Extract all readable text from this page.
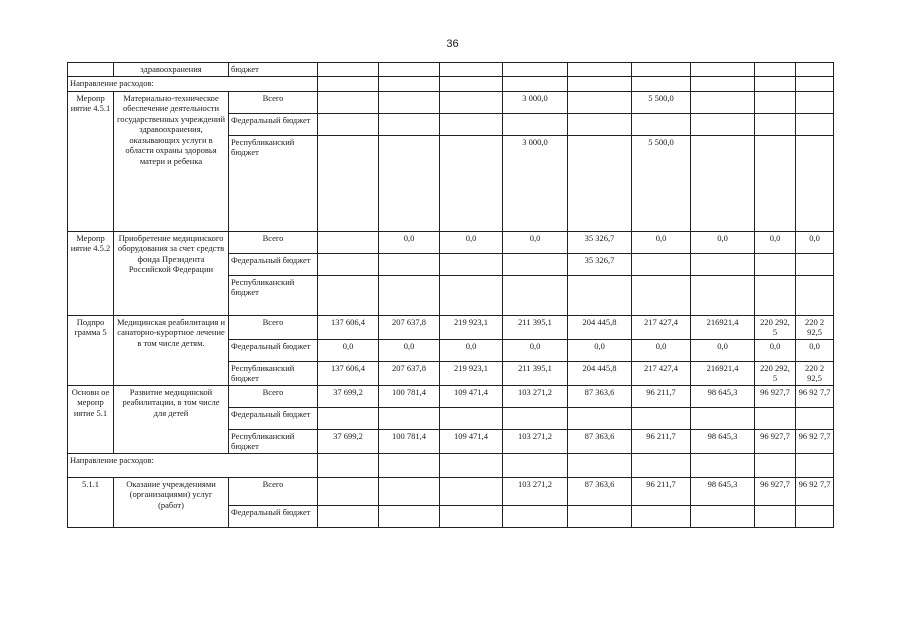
36
	здравоохранения	бюджет									
Направление расходов:											
Меропр иятие 4.5.1	Материально-техническое обеспечение деятельности государственных учреждений здравоохранения, оказывающих услуги в области охраны здоровья матери и ребенка	Всего				3 000,0		5 500,0			
		Федеральный бюджет									
		Республиканский бюджет				3 000,0		5 500,0			
Меропр иятие 4.5.2	Приобретение медицинского оборудования за счет средств фонда Президента Российской Федерации	Всего		0,0	0,0	0,0	35 326,7	0,0	0,0	0,0	0,0
		Федеральный бюджет					35 326,7				
		Республиканский бюджет									
Подпро грамма 5	Медицинская реабилитация и санаторно-курортное лечение в том числе детям.	Всего	137 606,4	207 637,8	219 923,1	211 395,1	204 445,8	217 427,4	216921,4	220 292, 5	220 2 92,5
		Федеральный бюджет	0,0	0,0	0,0	0,0	0,0	0,0	0,0	0,0	0,0
		Республиканский бюджет	137 606,4	207 637,8	219 923,1	211 395,1	204 445,8	217 427,4	216921,4	220 292, 5	220 2 92,5
Основн ое меропр иятие 5.1	Развитие медицинской реабилитации, в том числе для детей	Всего	37 699,2	100 781,4	109 471,4	103 271,2	87 363,6	96 211,7	98 645,3	96 927,7	96 92 7,7
		Федеральный бюджет									
		Республиканский бюджет	37 699,2	100 781,4	109 471,4	103 271,2	87 363,6	96 211,7	98 645,3	96 927,7	96 92 7,7
Направление расходов:											
5.1.1	Оказание учреждениями (организациями) услуг (работ)	Всего				103 271,2	87 363,6	96 211,7	98 645,3	96 927,7	96 92 7,7
		Федеральный бюджет									
